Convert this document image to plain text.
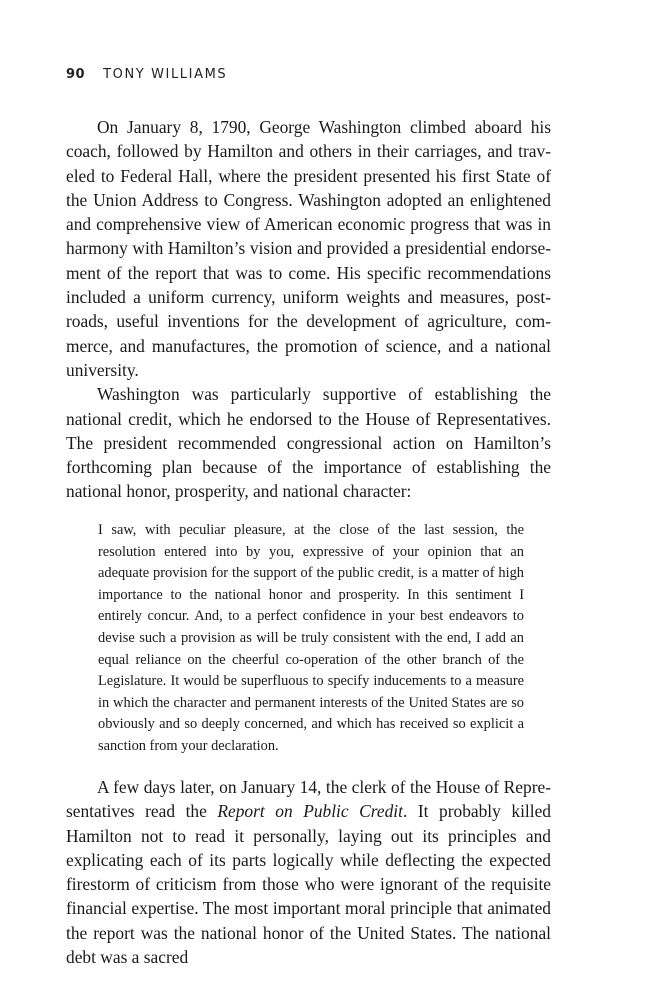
90 TONY WILLIAMS

On January 8, 1790, George Washington climbed aboard his coach, followed by Hamilton and others in their carriages, and traveled to Federal Hall, where the president presented his first State of the Union Address to Congress. Washington adopted an enlightened and comprehensive view of American economic progress that was in harmony with Hamilton’s vision and provided a presidential endorsement of the report that was to come. His specific recommendations included a uniform currency, uniform weights and measures, post-roads, useful inventions for the development of agriculture, commerce, and manufactures, the promotion of science, and a national university.

Washington was particularly supportive of establishing the national credit, which he endorsed to the House of Representatives. The president recommended congressional action on Hamilton’s forthcoming plan because of the importance of establishing the national honor, prosperity, and national character:

I saw, with peculiar pleasure, at the close of the last session, the resolution entered into by you, expressive of your opinion that an adequate provision for the support of the public credit, is a matter of high importance to the national honor and prosperity. In this sentiment I entirely concur. And, to a perfect confidence in your best endeavors to devise such a provision as will be truly consistent with the end, I add an equal reliance on the cheerful co-operation of the other branch of the Legislature. It would be superfluous to specify inducements to a measure in which the character and permanent interests of the United States are so obviously and so deeply concerned, and which has received so explicit a sanction from your declaration.

A few days later, on January 14, the clerk of the House of Representatives read the Report on Public Credit. It probably killed Hamilton not to read it personally, laying out its principles and explicating each of its parts logically while deflecting the expected firestorm of criticism from those who were ignorant of the requisite financial expertise. The most important moral principle that animated the report was the national honor of the United States. The national debt was a sacred
